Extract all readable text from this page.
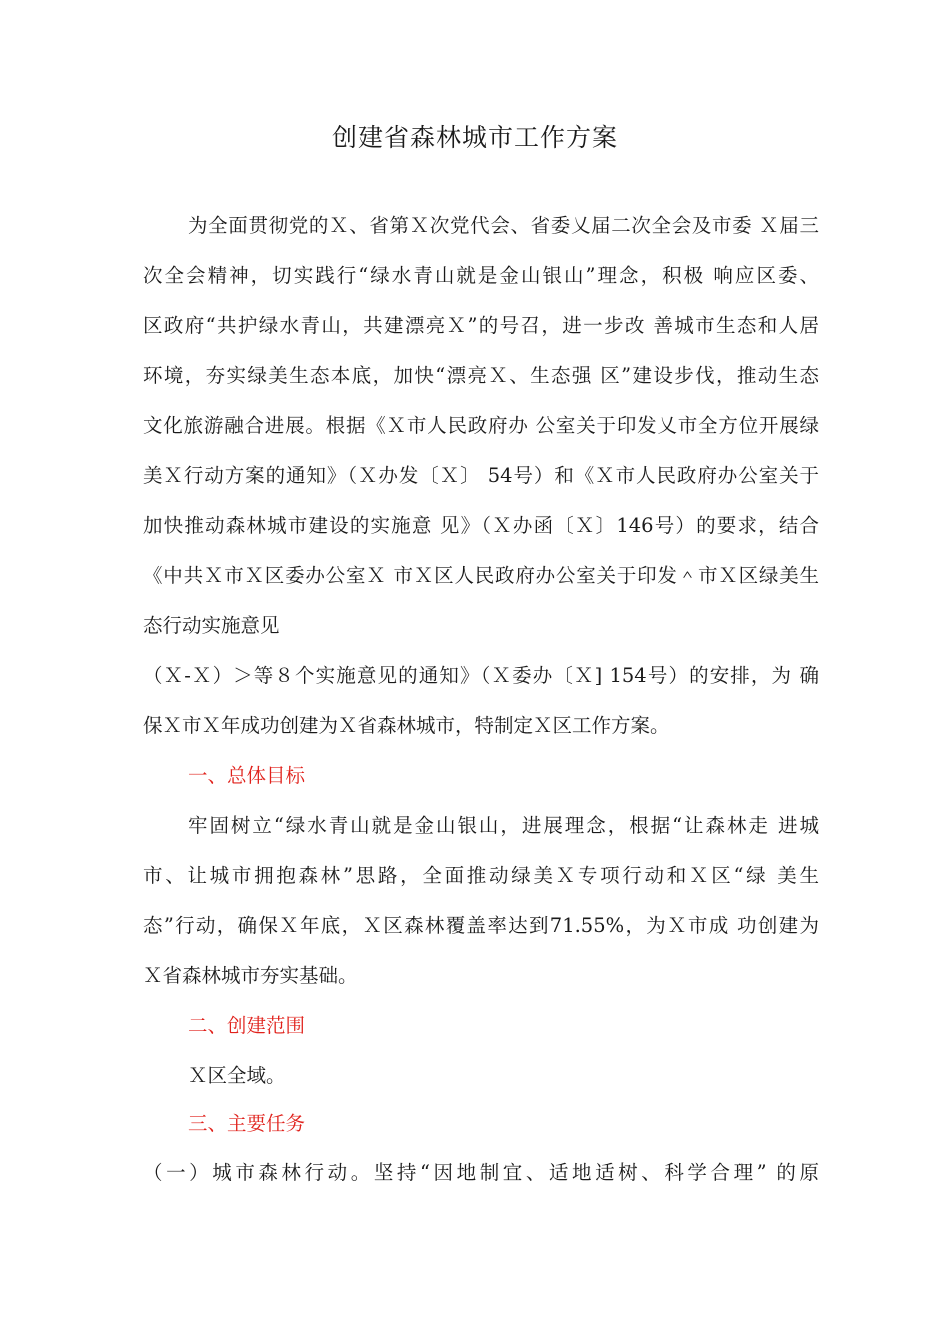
创建省森林城市工作方案
为全面贯彻党的Ｘ、省第Ｘ次党代会、省委乂届二次全会及市委 Ｘ届三
次全会精神，切实践行“绿水青山就是金山银山”理念，积极 响应区委、
区政府“共护绿水青山，共建漂亮Ｘ”的号召，进一步改 善城市生态和人居
环境，夯实绿美生态本底，加快“漂亮Ｘ、生态强 区”建设步伐，推动生态
文化旅游融合进展。根据《Ｘ市人民政府办 公室关于印发乂市全方位开展绿
美Ｘ行动方案的通知》（Ｘ办发〔Ｘ〕 54号）和《Ｘ市人民政府办公室关于
加快推动森林城市建设的实施意 见》（Ｘ办函〔Ｘ〕146号）的要求，结合
《中共Ｘ市Ｘ区委办公室Ｘ 市Ｘ区人民政府办公室关于印发＾市Ｘ区绿美生
态行动实施意见
（Ｘ-Ｘ）＞等８个实施意见的通知》（Ｘ委办〔Ｘ] 154号）的安排，为 确
保Ｘ市Ｘ年成功创建为Ｘ省森林城市，特制定Ｘ区工作方案。
一、总体目标
牢固树立“绿水青山就是金山银山，进展理念，根据“让森林走 进城
市、让城市拥抱森林”思路，全面推动绿美Ｘ专项行动和Ｘ区“绿 美生
态”行动，确保Ｘ年底，Ｘ区森林覆盖率达到71.55%，为Ｘ市成 功创建为
Ｘ省森林城市夯实基础。
二、创建范围
Ｘ区全域。
三、主要任务
（一）城市森林行动。坚持“因地制宜、适地适树、科学合理” 的原
